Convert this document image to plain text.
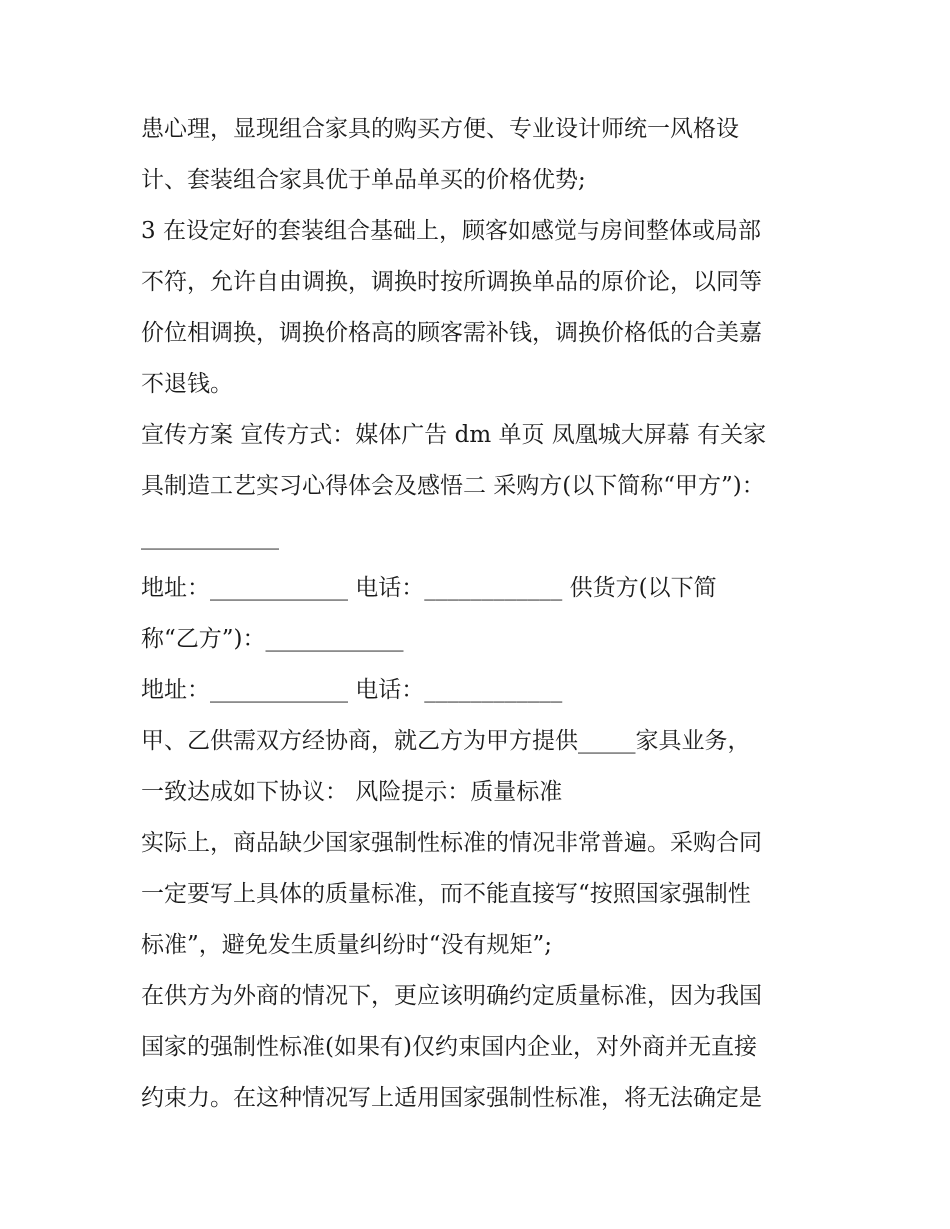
患心理，显现组合家具的购买方便、专业设计师统一风格设
计、套装组合家具优于单品单买的价格优势;
3 在设定好的套装组合基础上，顾客如感觉与房间整体或局部
不符，允许自由调换，调换时按所调换单品的原价论，以同等
价位相调换，调换价格高的顾客需补钱，调换价格低的合美嘉
不退钱。
宣传方案 宣传方式：媒体广告 dm 单页 凤凰城大屏幕 有关家
具制造工艺实习心得体会及感悟二 采购方(以下简称“甲方”)：
____________
地址：____________ 电话：____________ 供货方(以下简
称“乙方”)：____________
地址：____________ 电话：____________
甲、乙供需双方经协商，就乙方为甲方提供_____家具业务，
一致达成如下协议： 风险提示：质量标准
实际上，商品缺少国家强制性标准的情况非常普遍。采购合同
一定要写上具体的质量标准，而不能直接写“按照国家强制性
标准”，避免发生质量纠纷时“没有规矩”;
在供方为外商的情况下，更应该明确约定质量标准，因为我国
国家的强制性标准(如果有)仅约束国内企业，对外商并无直接
约束力。在这种情况写上适用国家强制性标准，将无法确定是
